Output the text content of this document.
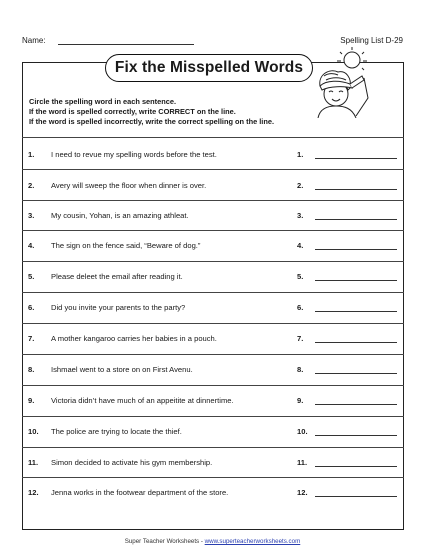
Name:	Spelling List D-29
Fix the Misspelled Words
Circle the spelling word in each sentence.
If the word is spelled correctly, write CORRECT on the line.
If the word is spelled incorrectly, write the correct spelling on the line.
1. I need to revue my spelling words before the test.	1.
2. Avery will sweep the floor when dinner is over.	2.
3. My cousin, Yohan, is an amazing athleat.	3.
4. The sign on the fence said, “Beware of dog.”	4.
5. Please deleet the email after reading it.	5.
6. Did you invite your parents to the party?	6.
7. A mother kangaroo carries her babies in a pouch.	7.
8. Ishmael went to a store on on First Avenu.	8.
9. Victoria didn’t have much of an appeitite at dinnertime.	9.
10. The police are trying to locate the thief.	10.
11. Simon decided to activate his gym membership.	11.
12. Jenna works in the footwear department of the store.	12.
Super Teacher Worksheets - www.superteacherworksheets.com
